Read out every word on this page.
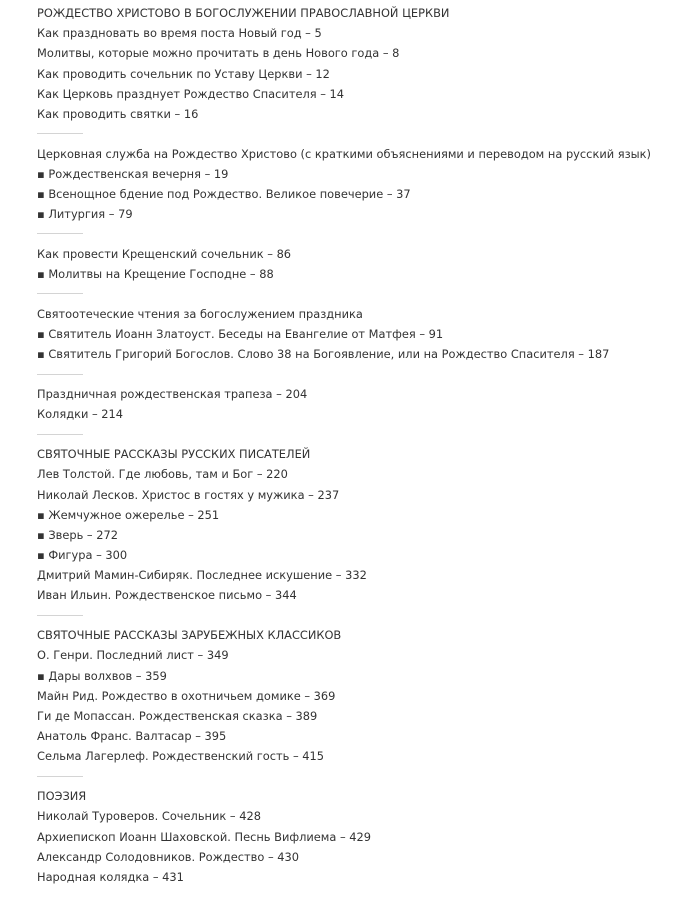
РОЖДЕСТВО ХРИСТОВО В БОГОСЛУЖЕНИИ ПРАВОСЛАВНОЙ ЦЕРКВИ
Как праздновать во время поста Новый год – 5
Молитвы, которые можно прочитать в день Нового года – 8
Как проводить сочельник по Уставу Церкви – 12
Как Церковь празднует Рождество Спасителя – 14
Как проводить святки – 16
Церковная служба на Рождество Христово (с краткими объяснениями и переводом на русский язык)
▪ Рождественская вечерня – 19
▪ Всенощное бдение под Рождество. Великое повечерие – 37
▪ Литургия – 79
Как провести Крещенский сочельник – 86
▪ Молитвы на Крещение Господне – 88
Святоотеческие чтения за богослужением праздника
▪ Святитель Иоанн Златоуст. Беседы на Евангелие от Матфея – 91
▪ Святитель Григорий Богослов. Слово 38 на Богоявление, или на Рождество Спасителя – 187
Праздничная рождественская трапеза – 204
Колядки – 214
СВЯТОЧНЫЕ РАССКАЗЫ РУССКИХ ПИСАТЕЛЕЙ
Лев Толстой. Где любовь, там и Бог – 220
Николай Лесков. Христос в гостях у мужика – 237
▪ Жемчужное ожерелье – 251
▪ Зверь – 272
▪ Фигура – 300
Дмитрий Мамин-Сибиряк. Последнее искушение – 332
Иван Ильин. Рождественское письмо – 344
СВЯТОЧНЫЕ РАССКАЗЫ ЗАРУБЕЖНЫХ КЛАССИКОВ
О. Генри. Последний лист – 349
▪ Дары волхвов – 359
Майн Рид. Рождество в охотничьем домике – 369
Ги де Мопассан. Рождественская сказка – 389
Анатоль Франс. Валтасар – 395
Сельма Лагерлеф. Рождественский гость – 415
ПОЭЗИЯ
Николай Туроверов. Сочельник – 428
Архиепископ Иоанн Шаховской. Песнь Вифлиема – 429
Александр Солодовников. Рождество – 430
Народная колядка – 431
